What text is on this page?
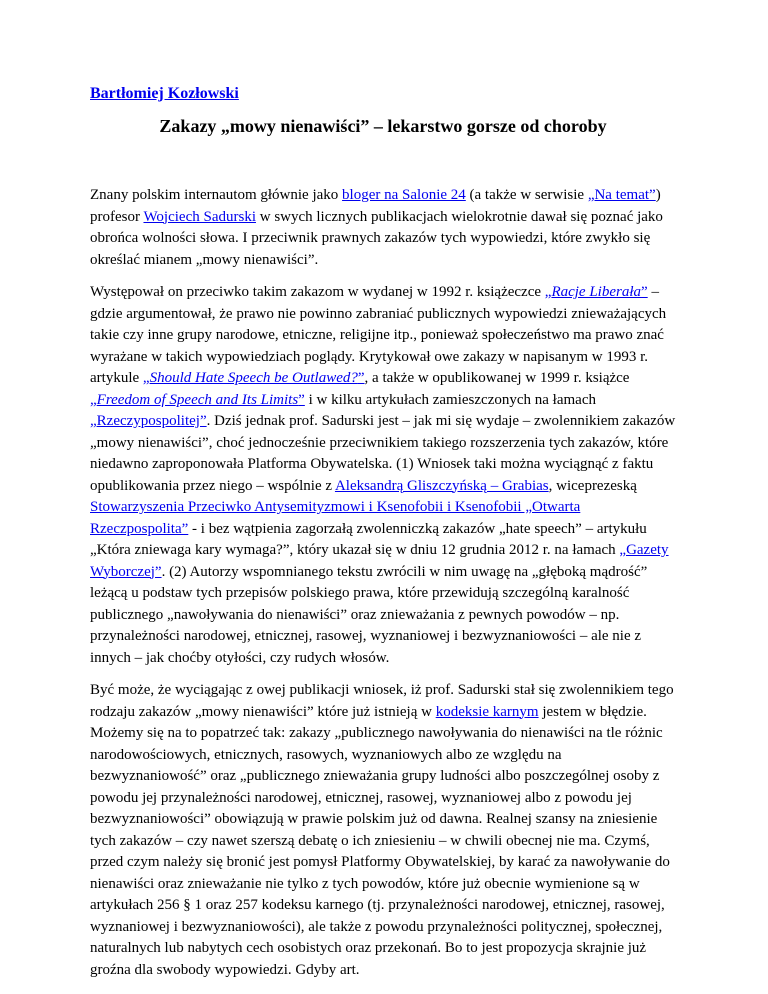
Bartłomiej Kozłowski

Zakazy „mowy nienawiści” – lekarstwo gorsze od choroby

Znany polskim internautom głównie jako bloger na Salonie 24 (a także w serwisie „Na temat”) profesor Wojciech Sadurski w swych licznych publikacjach wielokrotnie dawał się poznać jako obrońca wolności słowa. I przeciwnik prawnych zakazów tych wypowiedzi, które zwykło się określać mianem „mowy nienawiści”.

Występował on przeciwko takim zakazom w wydanej w 1992 r. książeczce „Racje Liberała” – gdzie argumentował, że prawo nie powinno zabraniać publicznych wypowiedzi znieważających takie czy inne grupy narodowe, etniczne, religijne itp., ponieważ społeczeństwo ma prawo znać wyrażane w takich wypowiedziach poglądy. Krytykował owe zakazy w napisanym w 1993 r. artykule „Should Hate Speech be Outlawed?”, a także w opublikowanej w 1999 r. książce „Freedom of Speech and Its Limits” i w kilku artykułach zamieszczonych na łamach „Rzeczypospolitej”. Dziś jednak prof. Sadurski jest – jak mi się wydaje – zwolennikiem zakazów „mowy nienawiści”, choć jednocześnie przeciwnikiem takiego rozszerzenia tych zakazów, które niedawno zaproponowała Platforma Obywatelska. (1) Wniosek taki można wyciągnąć z faktu opublikowania przez niego – wspólnie z Aleksandrą Gliszczyńską – Grabias, wiceprezeską Stowarzyszenia Przeciwko Antysemityzmowi i Ksenofobii i Ksenofobii „Otwarta Rzeczpospolita” - i bez wątpienia zagorzałą zwolenniczką zakazów „hate speech” – artykułu „Która zniewaga kary wymaga?”, który ukazał się w dniu 12 grudnia 2012 r. na łamach „Gazety Wyborczej”. (2) Autorzy wspomnianego tekstu zwrócili w nim uwagę na „głęboką mądrość” leżącą u podstaw tych przepisów polskiego prawa, które przewidują szczególną karalność publicznego „nawoływania do nienawiści” oraz znieważania z pewnych powodów – np. przynależności narodowej, etnicznej, rasowej, wyznaniowej i bezwyznaniowości – ale nie z innych – jak choćby otyłości, czy rudych włosów.

Być może, że wyciągając z owej publikacji wniosek, iż prof. Sadurski stał się zwolennikiem tego rodzaju zakazów „mowy nienawiści” które już istnieją w kodeksie karnym jestem w błędzie. Możemy się na to popatrzeć tak: zakazy „publicznego nawoływania do nienawiści na tle różnic narodowościowych, etnicznych, rasowych, wyznaniowych albo ze względu na bezwyznaniowość” oraz „publicznego znieważania grupy ludności albo poszczególnej osoby z powodu jej przynależności narodowej, etnicznej, rasowej, wyznaniowej albo z powodu jej bezwyznaniowości” obowiązują w prawie polskim już od dawna. Realnej szansy na zniesienie tych zakazów – czy nawet szerszą debatę o ich zniesieniu – w chwili obecnej nie ma. Czymś, przed czym należy się bronić jest pomysł Platformy Obywatelskiej, by karać za nawoływanie do nienawiści oraz znieważanie nie tylko z tych powodów, które już obecnie wymienione są w artykułach 256 § 1 oraz 257 kodeksu karnego (tj. przynależności narodowej, etnicznej, rasowej, wyznaniowej i bezwyznaniowości), ale także z powodu przynależności politycznej, społecznej, naturalnych lub nabytych cech osobistych oraz przekonań. Bo to jest propozycja skrajnie już groźna dla swobody wypowiedzi. Gdyby art.
